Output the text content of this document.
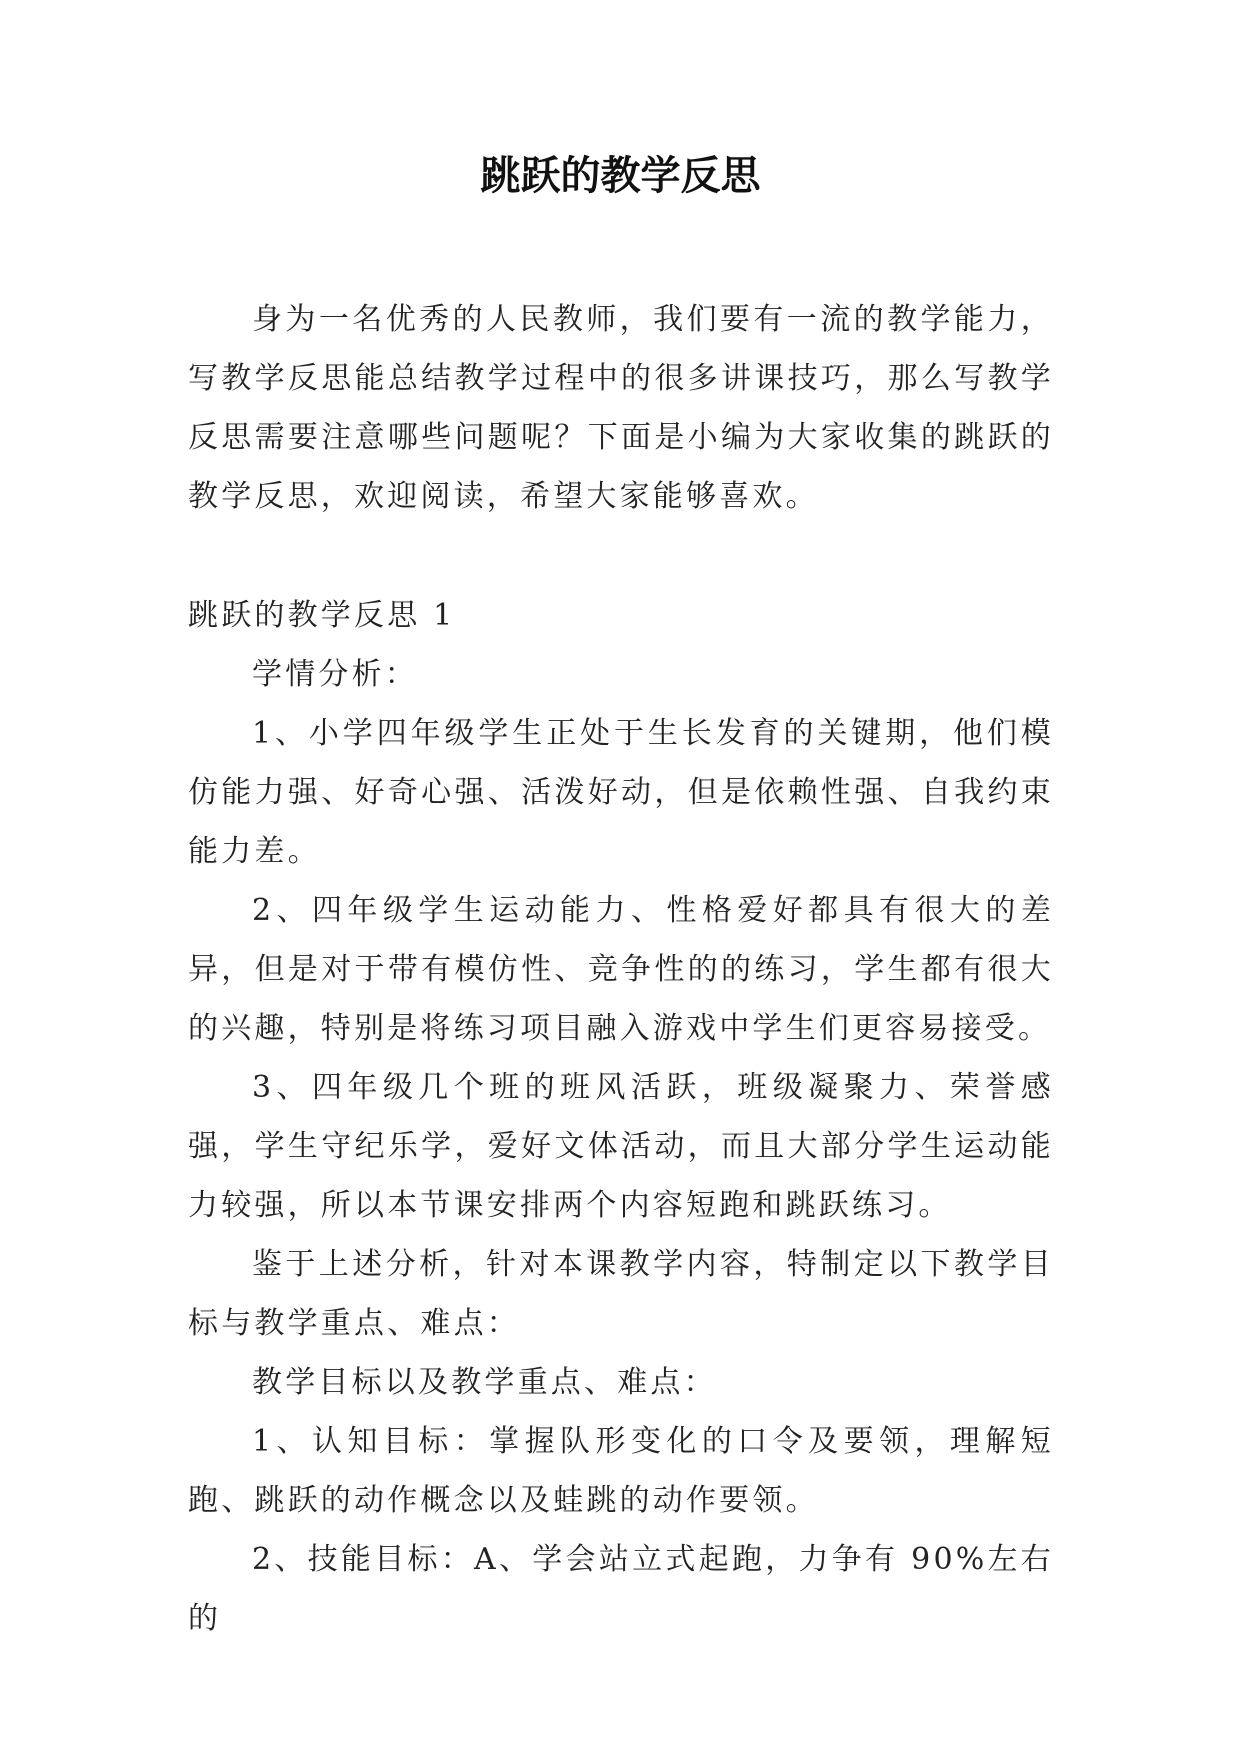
跳跃的教学反思

身为一名优秀的人民教师，我们要有一流的教学能力，写教学反思能总结教学过程中的很多讲课技巧，那么写教学反思需要注意哪些问题呢？下面是小编为大家收集的跳跃的教学反思，欢迎阅读，希望大家能够喜欢。

跳跃的教学反思 1

学情分析：

1、小学四年级学生正处于生长发育的关键期，他们模仿能力强、好奇心强、活泼好动，但是依赖性强、自我约束能力差。

2、四年级学生运动能力、性格爱好都具有很大的差异，但是对于带有模仿性、竞争性的的练习，学生都有很大的兴趣，特别是将练习项目融入游戏中学生们更容易接受。

3、四年级几个班的班风活跃，班级凝聚力、荣誉感强，学生守纪乐学，爱好文体活动，而且大部分学生运动能力较强，所以本节课安排两个内容短跑和跳跃练习。

鉴于上述分析，针对本课教学内容，特制定以下教学目标与教学重点、难点：

教学目标以及教学重点、难点：

1、认知目标：掌握队形变化的口令及要领，理解短跑、跳跃的动作概念以及蛙跳的动作要领。

2、技能目标：A、学会站立式起跑，力争有 90%左右的
